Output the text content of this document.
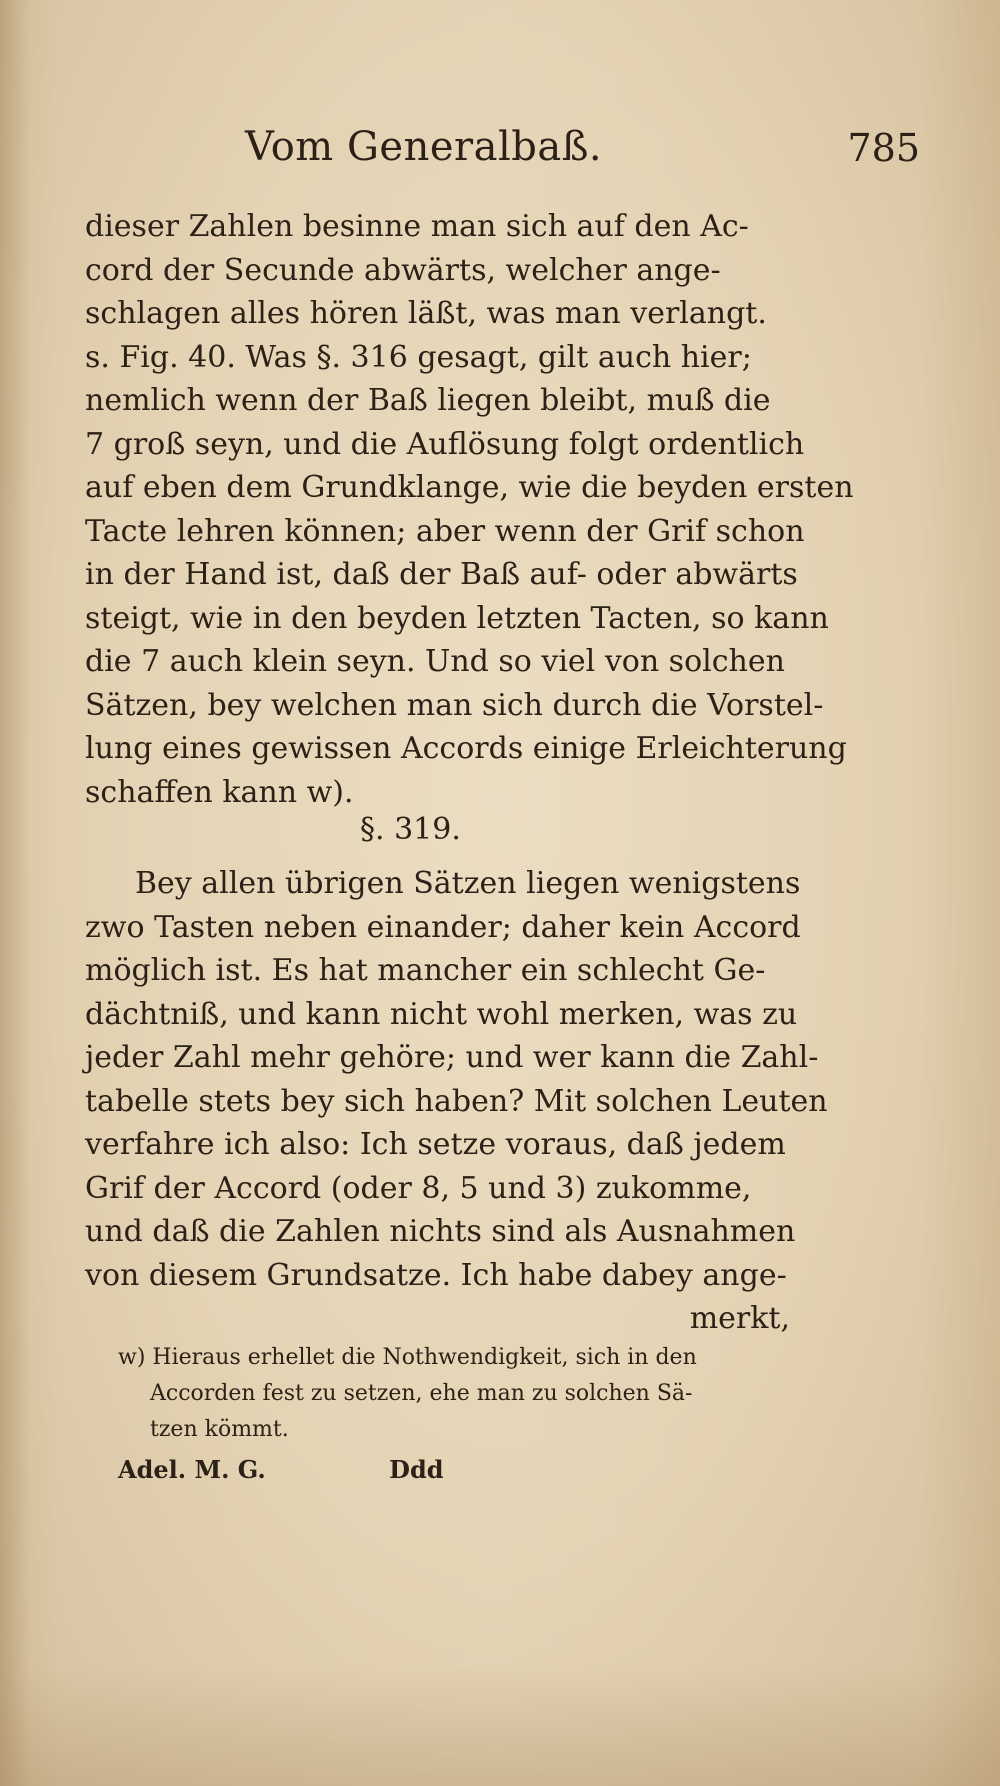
Vom Generalbaß.	785
dieser Zahlen besinne man sich auf den Ac-
cord der Secunde abwärts, welcher ange-
schlagen alles hören läßt, was man verlangt.
s. Fig. 40. Was §. 316 gesagt, gilt auch hier;
nemlich wenn der Baß liegen bleibt, muß die
7 groß seyn, und die Auflösung folgt ordentlich
auf eben dem Grundklange, wie die beyden ersten
Tacte lehren können; aber wenn der Grif schon
in der Hand ist, daß der Baß auf- oder abwärts
steigt, wie in den beyden letzten Tacten, so kann
die 7 auch klein seyn. Und so viel von solchen
Sätzen, bey welchen man sich durch die Vorstel-
lung eines gewissen Accords einige Erleichterung
schaffen kann w).
§. 319.
Bey allen übrigen Sätzen liegen wenigstens
zwo Tasten neben einander; daher kein Accord
möglich ist. Es hat mancher ein schlecht Ge-
dächtniß, und kann nicht wohl merken, was zu
jeder Zahl mehr gehöre; und wer kann die Zahl-
tabelle stets bey sich haben? Mit solchen Leuten
verfahre ich also: Ich setze voraus, daß jedem
Grif der Accord (oder 8, 5 und 3) zukomme,
und daß die Zahlen nichts sind als Ausnahmen
von diesem Grundsatze. Ich habe dabey ange-
merkt,
w) Hieraus erhellet die Nothwendigkeit, sich in den
Accorden fest zu setzen, ehe man zu solchen Sä-
tzen kömmt.
Adel. M. G.	Ddd
